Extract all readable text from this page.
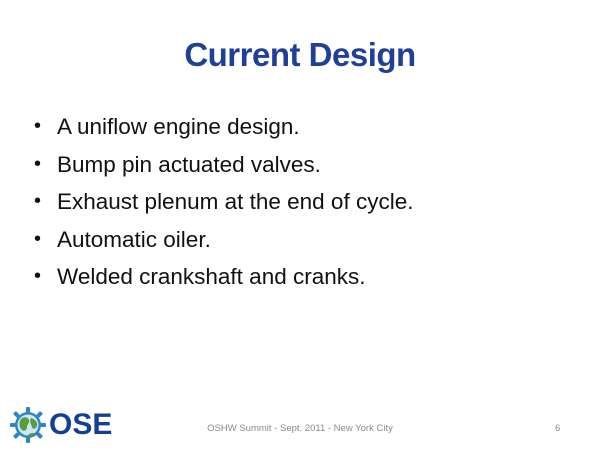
Current Design
• A uniflow engine design.
• Bump pin actuated valves.
• Exhaust plenum at the end of cycle.
• Automatic oiler.
• Welded crankshaft and cranks.
OSE	OSHW Summit - Sept. 2011 - New York City	6
